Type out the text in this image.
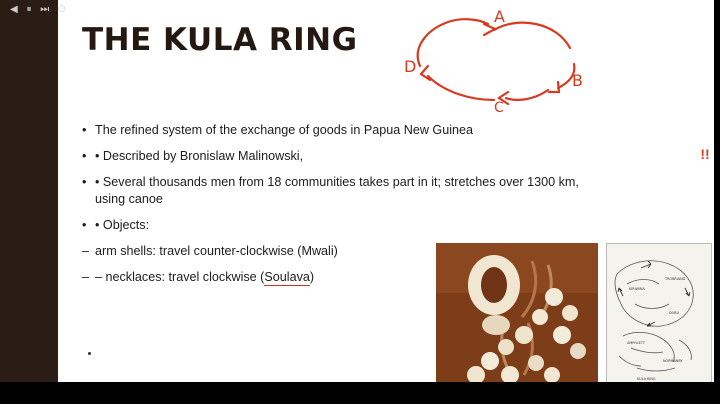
THE KULA RING
A
B
C
D
• The refined system of the exchange of goods in Papua New Guinea
• • Described by Bronislaw Malinowski,
• • Several thousands men from 18 communities takes part in it; stretches over 1300 km, using canoe
• • Objects:
– arm shells: travel counter-clockwise (Mwali)
– – necklaces: travel clockwise (Soulava)
KIRIWINA
TROBRIAND
DOBU
AMPHLETT
NORMANBY
KULA RING
!!
◀ ⏸ ⏭ ⏱
